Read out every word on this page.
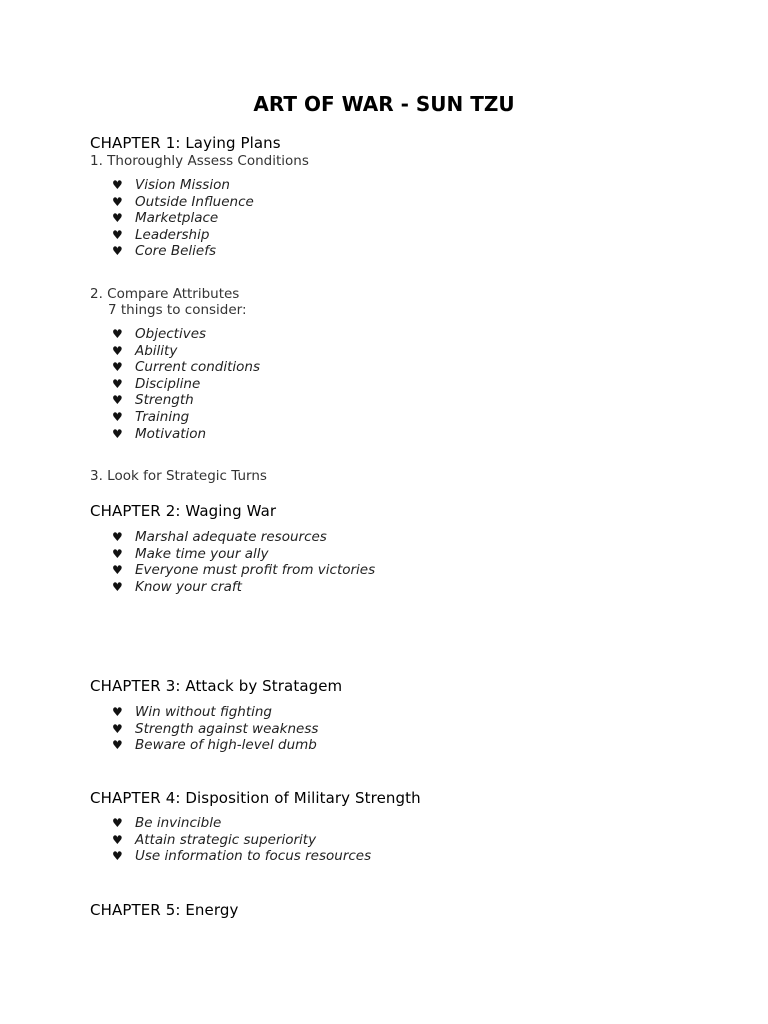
ART OF WAR - SUN TZU
CHAPTER 1: Laying Plans
1. Thoroughly Assess Conditions
♥ Vision Mission
♥ Outside Influence
♥ Marketplace
♥ Leadership
♥ Core Beliefs
2. Compare Attributes
7 things to consider:
♥ Objectives
♥ Ability
♥ Current conditions
♥ Discipline
♥ Strength
♥ Training
♥ Motivation
3. Look for Strategic Turns
CHAPTER 2: Waging War
♥ Marshal adequate resources
♥ Make time your ally
♥ Everyone must profit from victories
♥ Know your craft
CHAPTER 3: Attack by Stratagem
♥ Win without fighting
♥ Strength against weakness
♥ Beware of high-level dumb
CHAPTER 4: Disposition of Military Strength
♥ Be invincible
♥ Attain strategic superiority
♥ Use information to focus resources
CHAPTER 5: Energy
